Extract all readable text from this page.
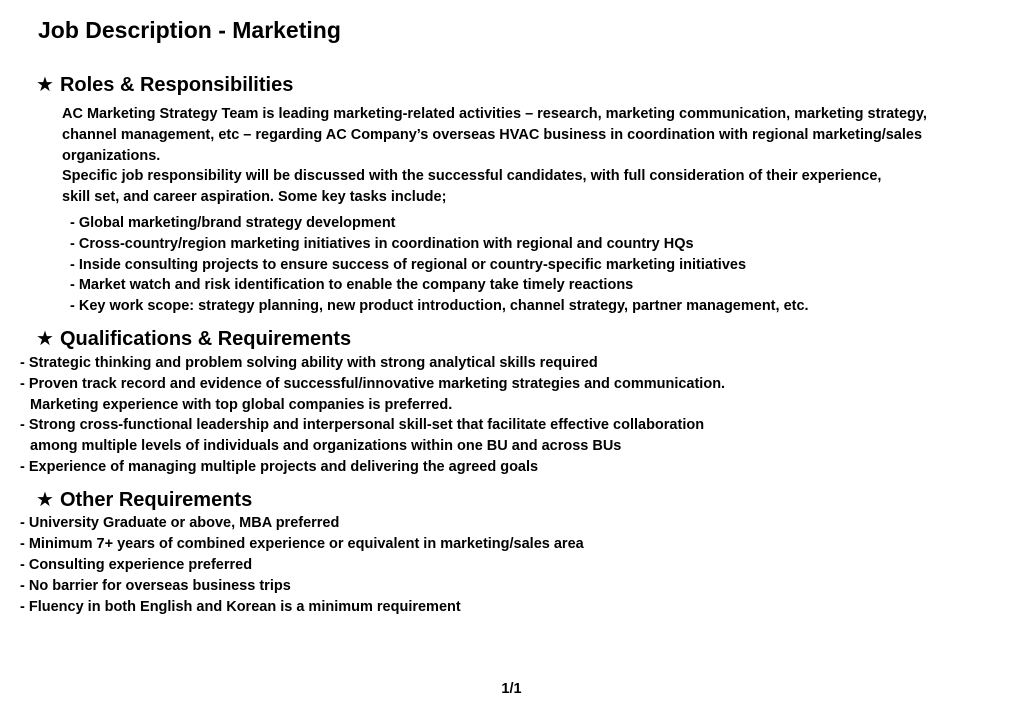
Job Description - Marketing
★ Roles & Responsibilities
AC Marketing Strategy Team is leading marketing-related activities – research, marketing communication, marketing strategy,
channel management, etc – regarding AC Company’s overseas HVAC business in coordination with regional marketing/sales
organizations.
Specific job responsibility will be discussed with the successful candidates, with full consideration of their experience,
skill set, and career aspiration. Some key tasks include;
- Global marketing/brand strategy development
- Cross-country/region marketing initiatives in coordination with regional and country HQs
- Inside consulting projects to ensure success of regional or country-specific marketing initiatives
- Market watch and risk identification to enable the company take timely reactions
- Key work scope: strategy planning, new product introduction, channel strategy, partner management, etc.
★ Qualifications & Requirements
- Strategic thinking and problem solving ability with strong analytical skills required
- Proven track record and evidence of successful/innovative marketing strategies and communication.
Marketing experience with top global companies is preferred.
- Strong cross-functional leadership and interpersonal skill-set that facilitate effective collaboration
among multiple levels of individuals and organizations within one BU and across BUs
- Experience of managing multiple projects and delivering the agreed goals
★ Other Requirements
- University Graduate or above, MBA preferred
- Minimum 7+ years of combined experience or equivalent in marketing/sales area
- Consulting experience preferred
- No barrier for overseas business trips
- Fluency in both English and Korean is a minimum requirement
1/1
